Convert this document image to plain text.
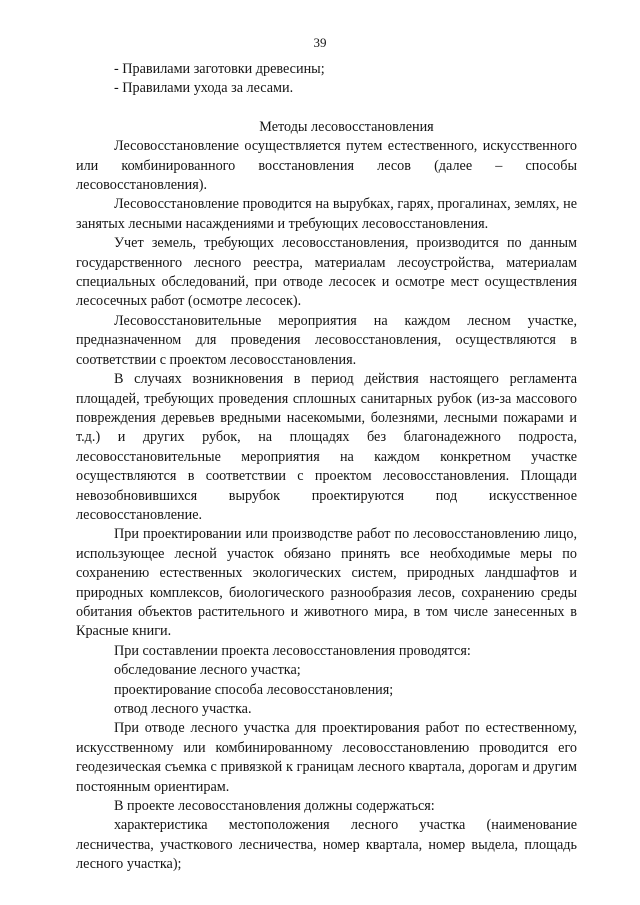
39

- Правилами заготовки древесины;

- Правилами ухода за лесами.

Методы лесовосстановления

Лесовосстановление осуществляется путем естественного, искусственного или комбинированного восстановления лесов (далее – способы лесовосстановления).

Лесовосстановление проводится на вырубках, гарях, прогалинах, землях, не занятых лесными насаждениями и требующих лесовосстановления.

Учет земель, требующих лесовосстановления, производится по данным государственного лесного реестра, материалам лесоустройства, материалам специальных обследований, при отводе лесосек и осмотре мест осуществления лесосечных работ (осмотре лесосек).

Лесовосстановительные мероприятия на каждом лесном участке, предназначенном для проведения лесовосстановления, осуществляются в соответствии с проектом лесовосстановления.

В случаях возникновения в период действия настоящего регламента площадей, требующих проведения сплошных санитарных рубок (из-за массового повреждения деревьев вредными насекомыми, болезнями, лесными пожарами и т.д.) и других рубок, на площадях без благонадежного подроста, лесовосстановительные мероприятия на каждом конкретном участке осуществляются в соответствии с проектом лесовосстановления. Площади невозобновившихся вырубок проектируются под искусственное лесовосстановление.

При проектировании или производстве работ по лесовосстановлению лицо, использующее лесной участок обязано принять все необходимые меры по сохранению естественных экологических систем, природных ландшафтов и природных комплексов, биологического разнообразия лесов, сохранению среды обитания объектов растительного и животного мира, в том числе занесенных в Красные книги.

При составлении проекта лесовосстановления проводятся:

обследование лесного участка;

проектирование способа лесовосстановления;

отвод лесного участка.

При отводе лесного участка для проектирования работ по естественному, искусственному или комбинированному лесовосстановлению проводится его геодезическая съемка с привязкой к границам лесного квартала, дорогам и другим постоянным ориентирам.

В проекте лесовосстановления должны содержаться:

характеристика местоположения лесного участка (наименование лесничества, участкового лесничества, номер квартала, номер выдела, площадь лесного участка);
